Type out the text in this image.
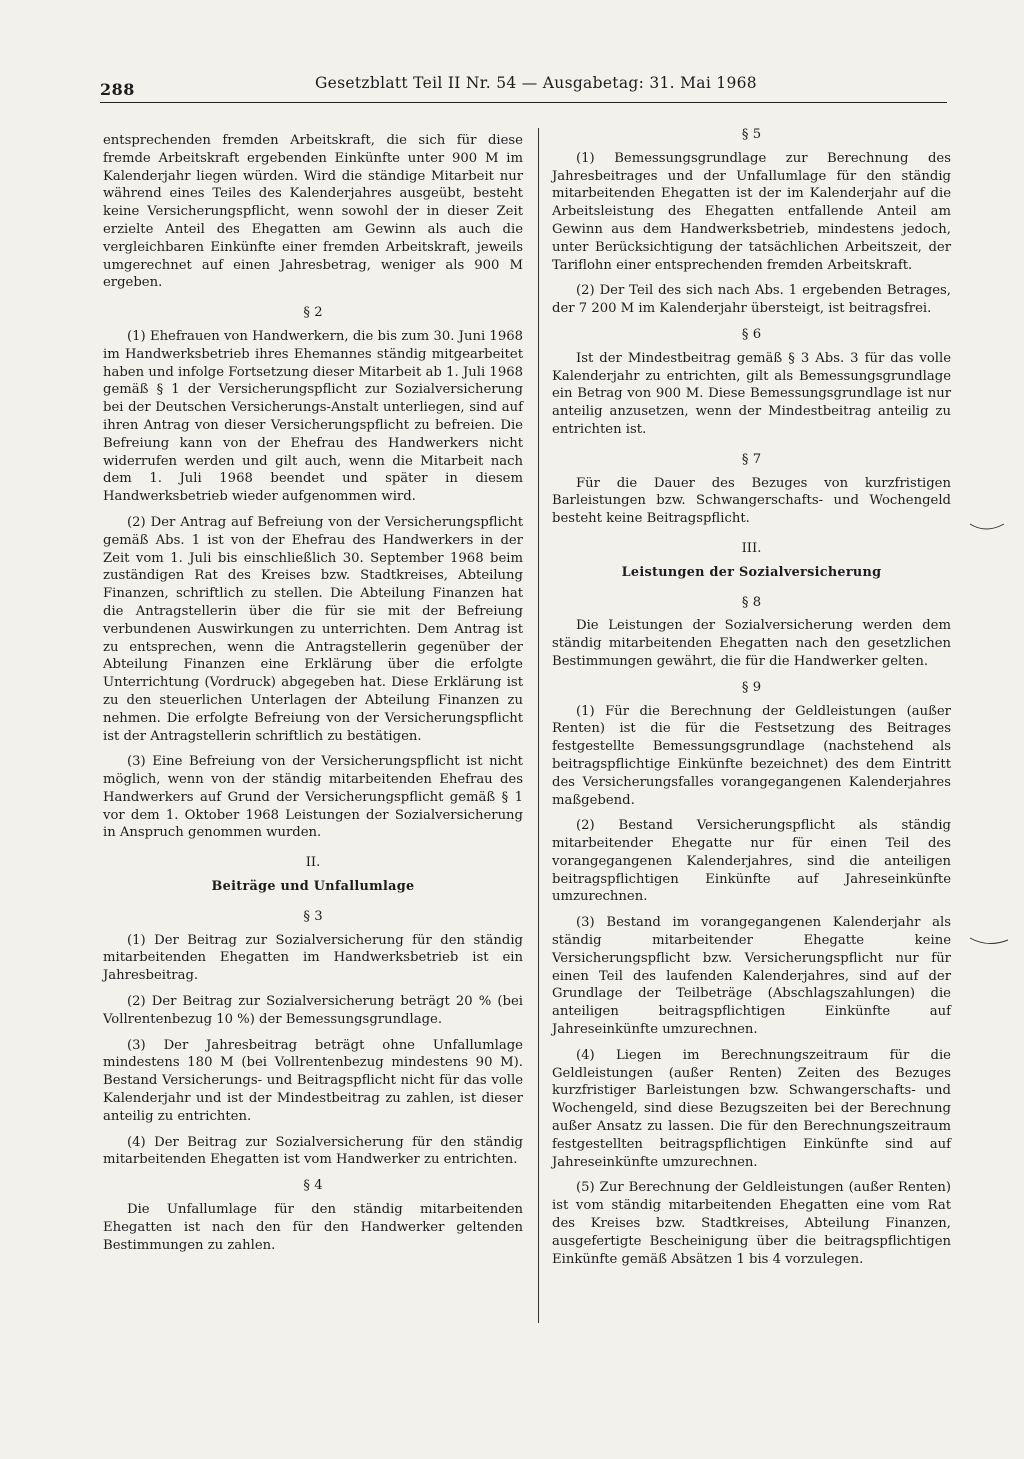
288	Gesetzblatt Teil II Nr. 54 — Ausgabetag: 31. Mai 1968

entsprechenden fremden Arbeitskraft, die sich für diese fremde Arbeitskraft ergebenden Einkünfte unter 900 M im Kalenderjahr liegen würden. Wird die ständige Mitarbeit nur während eines Teiles des Kalenderjahres ausgeübt, besteht keine Versicherungspflicht, wenn sowohl der in dieser Zeit erzielte Anteil des Ehegatten am Gewinn als auch die vergleichbaren Einkünfte einer fremden Arbeitskraft, jeweils umgerechnet auf einen Jahresbetrag, weniger als 900 M ergeben.

§ 2

(1) Ehefrauen von Handwerkern, die bis zum 30. Juni 1968 im Handwerksbetrieb ihres Ehemannes ständig mitgearbeitet haben und infolge Fortsetzung dieser Mitarbeit ab 1. Juli 1968 gemäß § 1 der Versicherungspflicht zur Sozialversicherung bei der Deutschen Versicherungs-Anstalt unterliegen, sind auf ihren Antrag von dieser Versicherungspflicht zu befreien. Die Befreiung kann von der Ehefrau des Handwerkers nicht widerrufen werden und gilt auch, wenn die Mitarbeit nach dem 1. Juli 1968 beendet und später in diesem Handwerksbetrieb wieder aufgenommen wird.

(2) Der Antrag auf Befreiung von der Versicherungspflicht gemäß Abs. 1 ist von der Ehefrau des Handwerkers in der Zeit vom 1. Juli bis einschließlich 30. September 1968 beim zuständigen Rat des Kreises bzw. Stadtkreises, Abteilung Finanzen, schriftlich zu stellen. Die Abteilung Finanzen hat die Antragstellerin über die für sie mit der Befreiung verbundenen Auswirkungen zu unterrichten. Dem Antrag ist zu entsprechen, wenn die Antragstellerin gegenüber der Abteilung Finanzen eine Erklärung über die erfolgte Unterrichtung (Vordruck) abgegeben hat. Diese Erklärung ist zu den steuerlichen Unterlagen der Abteilung Finanzen zu nehmen. Die erfolgte Befreiung von der Versicherungspflicht ist der Antragstellerin schriftlich zu bestätigen.

(3) Eine Befreiung von der Versicherungspflicht ist nicht möglich, wenn von der ständig mitarbeitenden Ehefrau des Handwerkers auf Grund der Versicherungspflicht gemäß § 1 vor dem 1. Oktober 1968 Leistungen der Sozialversicherung in Anspruch genommen wurden.

II.

Beiträge und Unfallumlage

§ 3

(1) Der Beitrag zur Sozialversicherung für den ständig mitarbeitenden Ehegatten im Handwerksbetrieb ist ein Jahresbeitrag.

(2) Der Beitrag zur Sozialversicherung beträgt 20 % (bei Vollrentenbezug 10 %) der Bemessungsgrundlage.

(3) Der Jahresbeitrag beträgt ohne Unfallumlage mindestens 180 M (bei Vollrentenbezug mindestens 90 M). Bestand Versicherungs- und Beitragspflicht nicht für das volle Kalenderjahr und ist der Mindestbeitrag zu zahlen, ist dieser anteilig zu entrichten.

(4) Der Beitrag zur Sozialversicherung für den ständig mitarbeitenden Ehegatten ist vom Handwerker zu entrichten.

§ 4

Die Unfallumlage für den ständig mitarbeitenden Ehegatten ist nach den für den Handwerker geltenden Bestimmungen zu zahlen.

§ 5

(1) Bemessungsgrundlage zur Berechnung des Jahresbeitrages und der Unfallumlage für den ständig mitarbeitenden Ehegatten ist der im Kalenderjahr auf die Arbeitsleistung des Ehegatten entfallende Anteil am Gewinn aus dem Handwerksbetrieb, mindestens jedoch, unter Berücksichtigung der tatsächlichen Arbeitszeit, der Tariflohn einer entsprechenden fremden Arbeitskraft.

(2) Der Teil des sich nach Abs. 1 ergebenden Betrages, der 7 200 M im Kalenderjahr übersteigt, ist beitragsfrei.

§ 6

Ist der Mindestbeitrag gemäß § 3 Abs. 3 für das volle Kalenderjahr zu entrichten, gilt als Bemessungsgrundlage ein Betrag von 900 M. Diese Bemessungsgrundlage ist nur anteilig anzusetzen, wenn der Mindestbeitrag anteilig zu entrichten ist.

§ 7

Für die Dauer des Bezuges von kurzfristigen Barleistungen bzw. Schwangerschafts- und Wochengeld besteht keine Beitragspflicht.

III.

Leistungen der Sozialversicherung

§ 8

Die Leistungen der Sozialversicherung werden dem ständig mitarbeitenden Ehegatten nach den gesetzlichen Bestimmungen gewährt, die für die Handwerker gelten.

§ 9

(1) Für die Berechnung der Geldleistungen (außer Renten) ist die für die Festsetzung des Beitrages festgestellte Bemessungsgrundlage (nachstehend als beitragspflichtige Einkünfte bezeichnet) des dem Eintritt des Versicherungsfalles vorangegangenen Kalenderjahres maßgebend.

(2) Bestand Versicherungspflicht als ständig mitarbeitender Ehegatte nur für einen Teil des vorangegangenen Kalenderjahres, sind die anteiligen beitragspflichtigen Einkünfte auf Jahreseinkünfte umzurechnen.

(3) Bestand im vorangegangenen Kalenderjahr als ständig mitarbeitender Ehegatte keine Versicherungspflicht bzw. Versicherungspflicht nur für einen Teil des laufenden Kalenderjahres, sind auf der Grundlage der Teilbeträge (Abschlagszahlungen) die anteiligen beitragspflichtigen Einkünfte auf Jahreseinkünfte umzurechnen.

(4) Liegen im Berechnungszeitraum für die Geldleistungen (außer Renten) Zeiten des Bezuges kurzfristiger Barleistungen bzw. Schwangerschafts- und Wochengeld, sind diese Bezugszeiten bei der Berechnung außer Ansatz zu lassen. Die für den Berechnungszeitraum festgestellten beitragspflichtigen Einkünfte sind auf Jahreseinkünfte umzurechnen.

(5) Zur Berechnung der Geldleistungen (außer Renten) ist vom ständig mitarbeitenden Ehegatten eine vom Rat des Kreises bzw. Stadtkreises, Abteilung Finanzen, ausgefertigte Bescheinigung über die beitragspflichtigen Einkünfte gemäß Absätzen 1 bis 4 vorzulegen.
